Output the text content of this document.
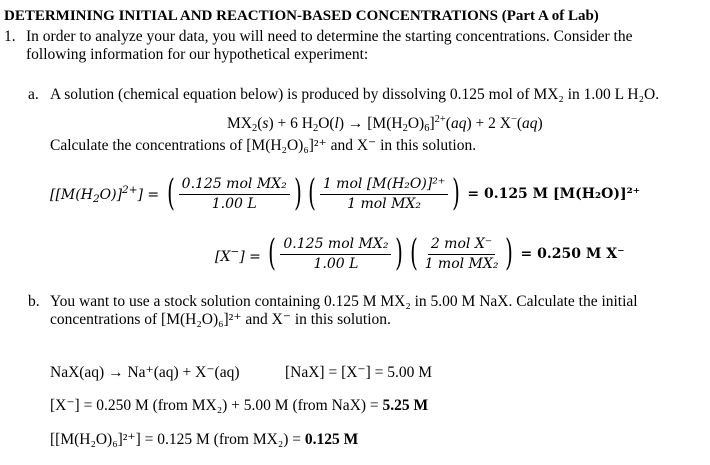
DETERMINING INITIAL AND REACTION-BASED CONCENTRATIONS (Part A of Lab)
1. In order to analyze your data, you will need to determine the starting concentrations. Consider the
following information for our hypothetical experiment:
a. A solution (chemical equation below) is produced by dissolving 0.125 mol of MX₂ in 1.00 L H₂O.
$MX_2(s) + 6$ $H_2O(l) \to [M(H_2O)_6]^{2+}(aq) + 2$ X−(aq)
Calculate the concentrations of [M(H₂O)₆]²⁺ and X⁻ in this solution.
$[[M(H_2O)]^{2+}]$ = ( $\frac{\text{0.125 mol MX₂}}{1.00 L}$ ) ( $\frac{\text{1 mol [M(H₂O)]²⁺}}{\text{1 mol MX₂}}$ ) = 0.125 M [M(H₂O)]²⁺
[X−] = ( $\frac{\text{0.125 mol MX₂}}{1.00 L}$ ) ( $\frac{\text{2 mol X⁻}}{\text{1 mol MX₂}}$ ) = 0.250 M X⁻
b. You want to use a stock solution containing 0.125 M MX₂ in 5.00 M NaX. Calculate the initial
concentrations of [M(H₂O)₆]²⁺ and X⁻ in this solution.
NaX(aq) → Na⁺(aq) + X⁻(aq)	[NaX] = [X⁻] = 5.00 M
[X⁻] = 0.250 M (from MX₂) + 5.00 M (from NaX) = 5.25 M
[[M(H₂O)₆]²⁺] = 0.125 M (from MX₂) = 0.125 M
